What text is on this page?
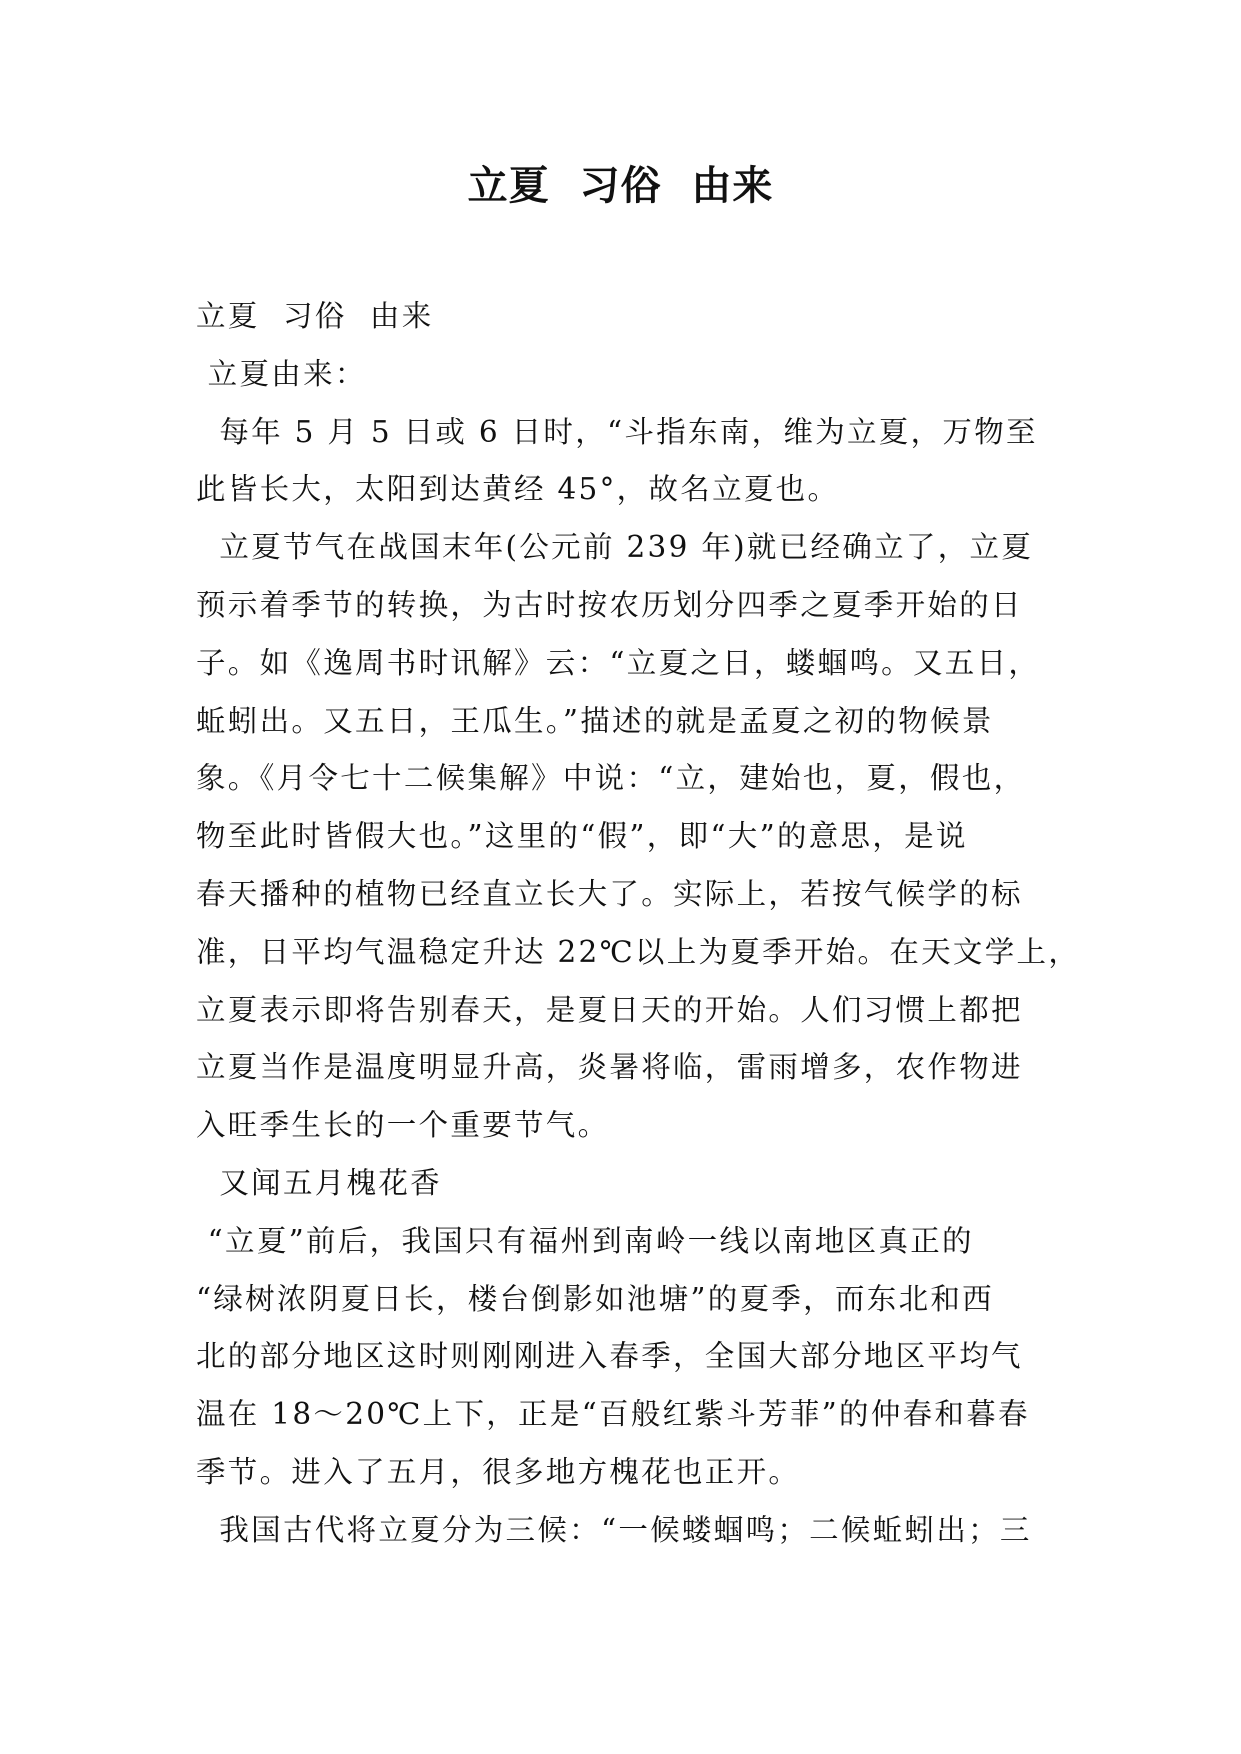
立夏  习俗  由来
立夏  习俗  由来
立夏由来：
每年 5 月 5 日或 6 日时，“斗指东南，维为立夏，万物至
此皆长大，太阳到达黄经 45°，故名立夏也。
立夏节气在战国末年(公元前 239 年)就已经确立了，立夏
预示着季节的转换，为古时按农历划分四季之夏季开始的日
子。如《逸周书时讯解》云：“立夏之日，蝼蝈鸣。又五日，
蚯蚓出。又五日，王瓜生。”描述的就是孟夏之初的物候景
象。《月令七十二候集解》中说：“立，建始也，夏，假也，
物至此时皆假大也。”这里的“假”，即“大”的意思，是说
春天播种的植物已经直立长大了。实际上，若按气候学的标
准，日平均气温稳定升达 22℃以上为夏季开始。在天文学上，
立夏表示即将告别春天，是夏日天的开始。人们习惯上都把
立夏当作是温度明显升高，炎暑将临，雷雨增多，农作物进
入旺季生长的一个重要节气。
又闻五月槐花香
“立夏”前后，我国只有福州到南岭一线以南地区真正的
“绿树浓阴夏日长，楼台倒影如池塘”的夏季，而东北和西
北的部分地区这时则刚刚进入春季，全国大部分地区平均气
温在 18～20℃上下，正是“百般红紫斗芳菲”的仲春和暮春
季节。进入了五月，很多地方槐花也正开。
我国古代将立夏分为三候：“一候蝼蝈鸣；二候蚯蚓出；三
